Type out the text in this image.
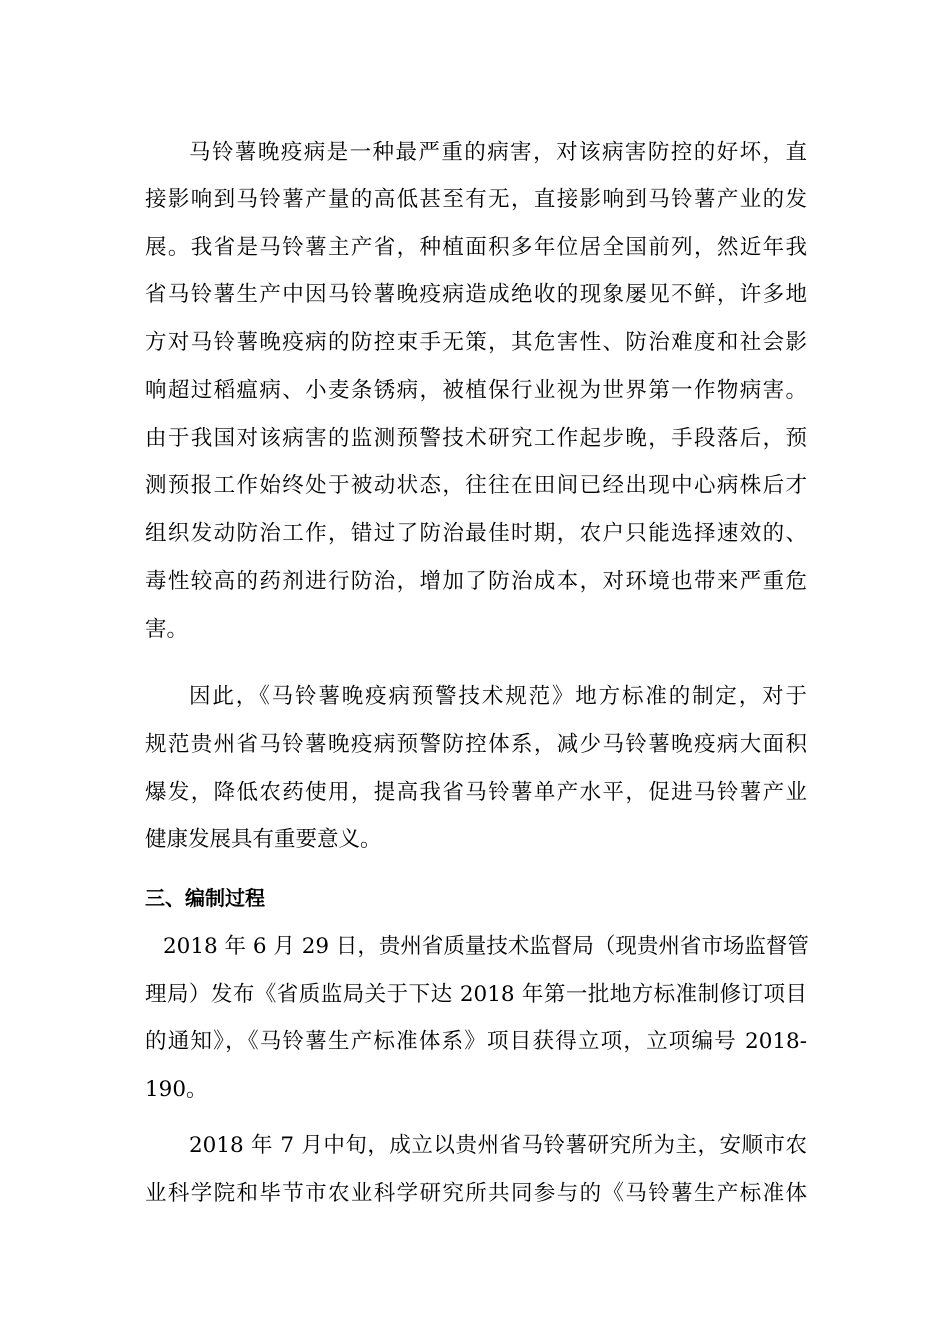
马铃薯晚疫病是一种最严重的病害，对该病害防控的好坏，直
接影响到马铃薯产量的高低甚至有无，直接影响到马铃薯产业的发
展。我省是马铃薯主产省，种植面积多年位居全国前列，然近年我
省马铃薯生产中因马铃薯晚疫病造成绝收的现象屡见不鲜，许多地
方对马铃薯晚疫病的防控束手无策，其危害性、防治难度和社会影
响超过稻瘟病、小麦条锈病，被植保行业视为世界第一作物病害。
由于我国对该病害的监测预警技术研究工作起步晚，手段落后，预
测预报工作始终处于被动状态，往往在田间已经出现中心病株后才
组织发动防治工作，错过了防治最佳时期，农户只能选择速效的、
毒性较高的药剂进行防治，增加了防治成本，对环境也带来严重危
害。
因此，《马铃薯晚疫病预警技术规范》地方标准的制定，对于
规范贵州省马铃薯晚疫病预警防控体系，减少马铃薯晚疫病大面积
爆发，降低农药使用，提高我省马铃薯单产水平，促进马铃薯产业
健康发展具有重要意义。
三、编制过程
2018 年 6 月 29 日，贵州省质量技术监督局（现贵州省市场监督管
理局）发布《省质监局关于下达 2018 年第一批地方标准制修订项目
的通知》，《马铃薯生产标准体系》项目获得立项，立项编号 2018-
190。
2018 年 7 月中旬，成立以贵州省马铃薯研究所为主，安顺市农
业科学院和毕节市农业科学研究所共同参与的《马铃薯生产标准体
